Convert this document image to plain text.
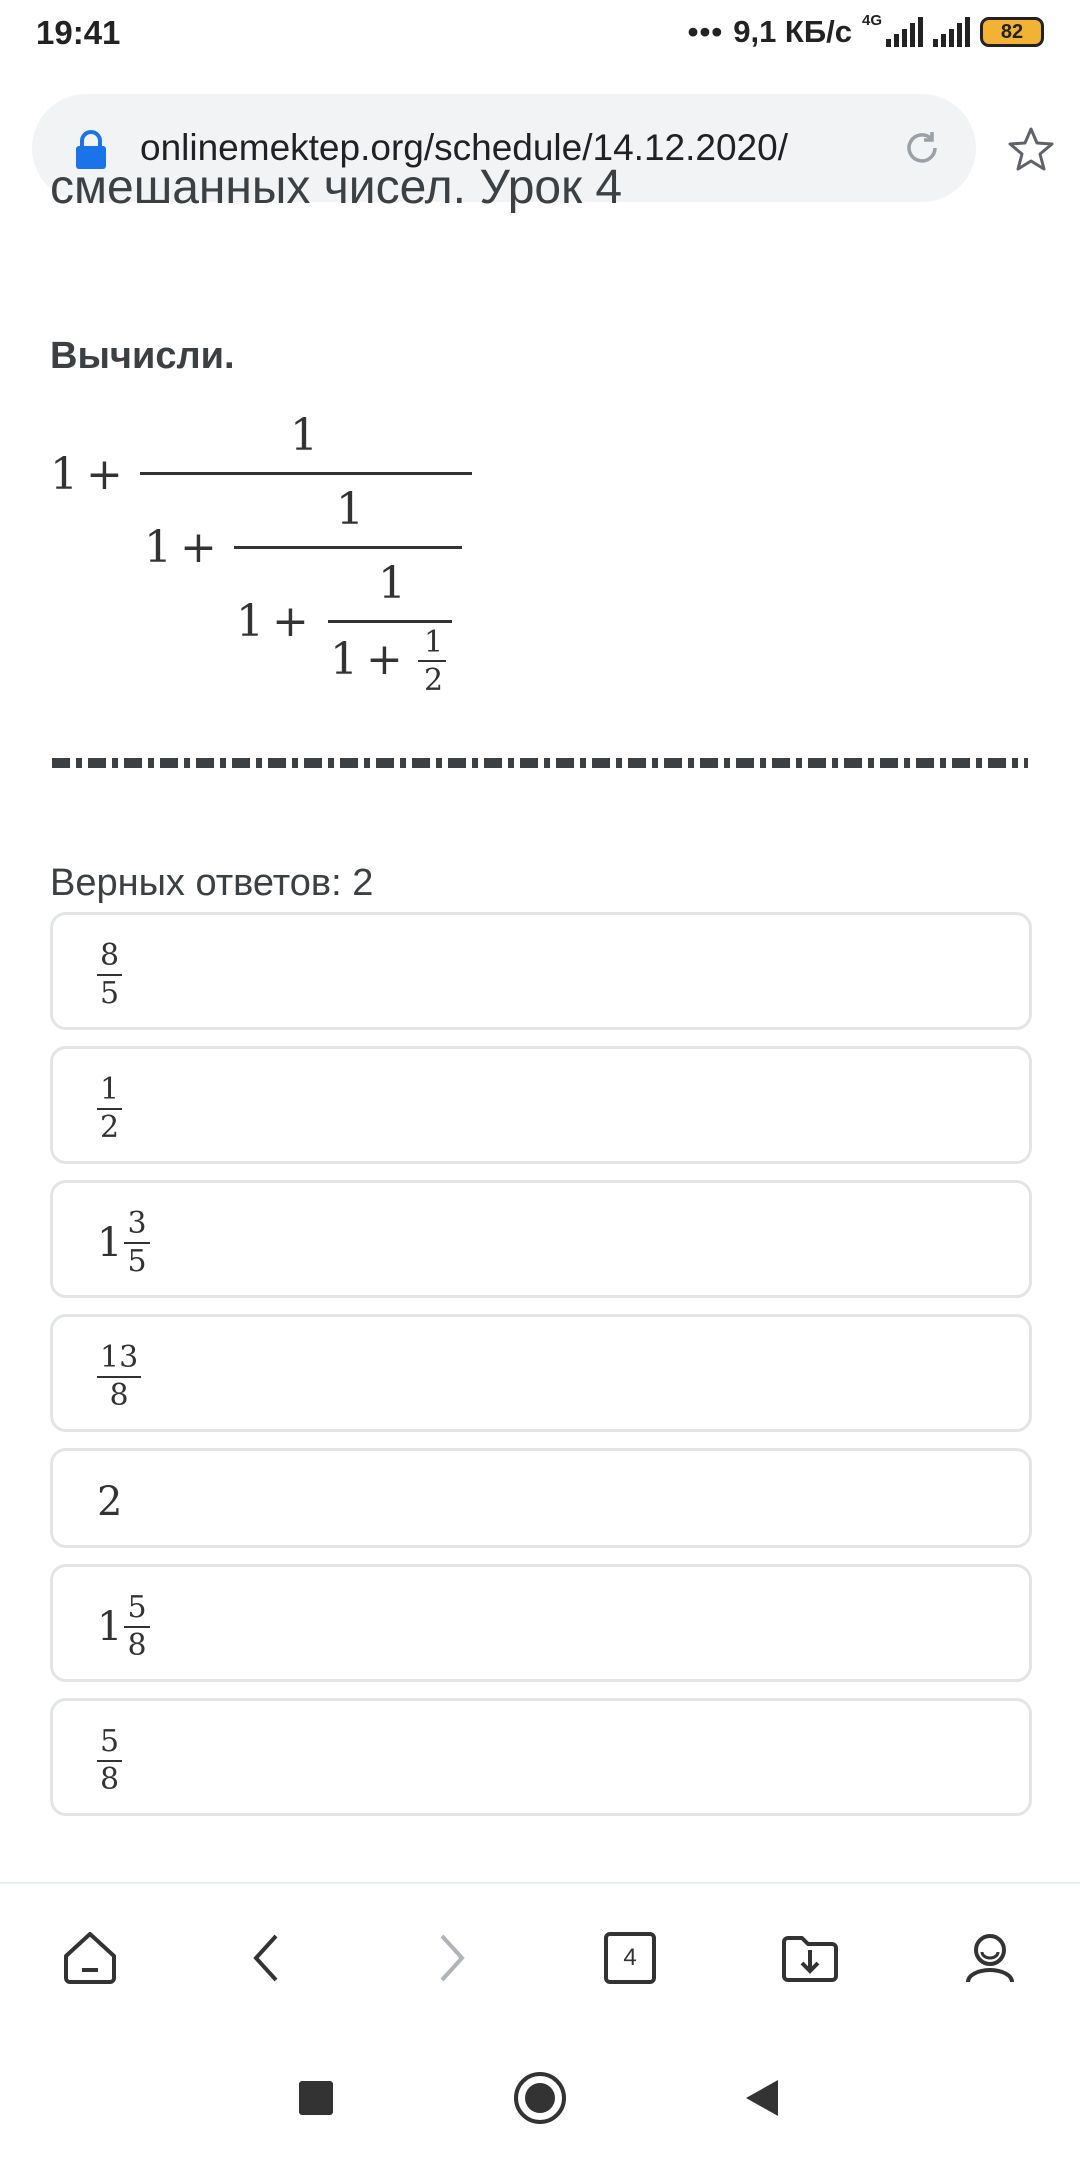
19:41	••• 9,1 КБ/с 4G
82
onlinemektep.org/schedule/14.12.2020/
смешанных чисел. Урок 4
Вычисли.
1 +
1
1 +
1
1 +
1
1 + 1
2
Верных ответов: 2
$\frac{8}{5}$
$\frac{1}{2}$
$1 \frac{3}{5}$
$\frac{13}{8}$
2
$1 \frac{5}{8}$
$\frac{5}{8}$
4
